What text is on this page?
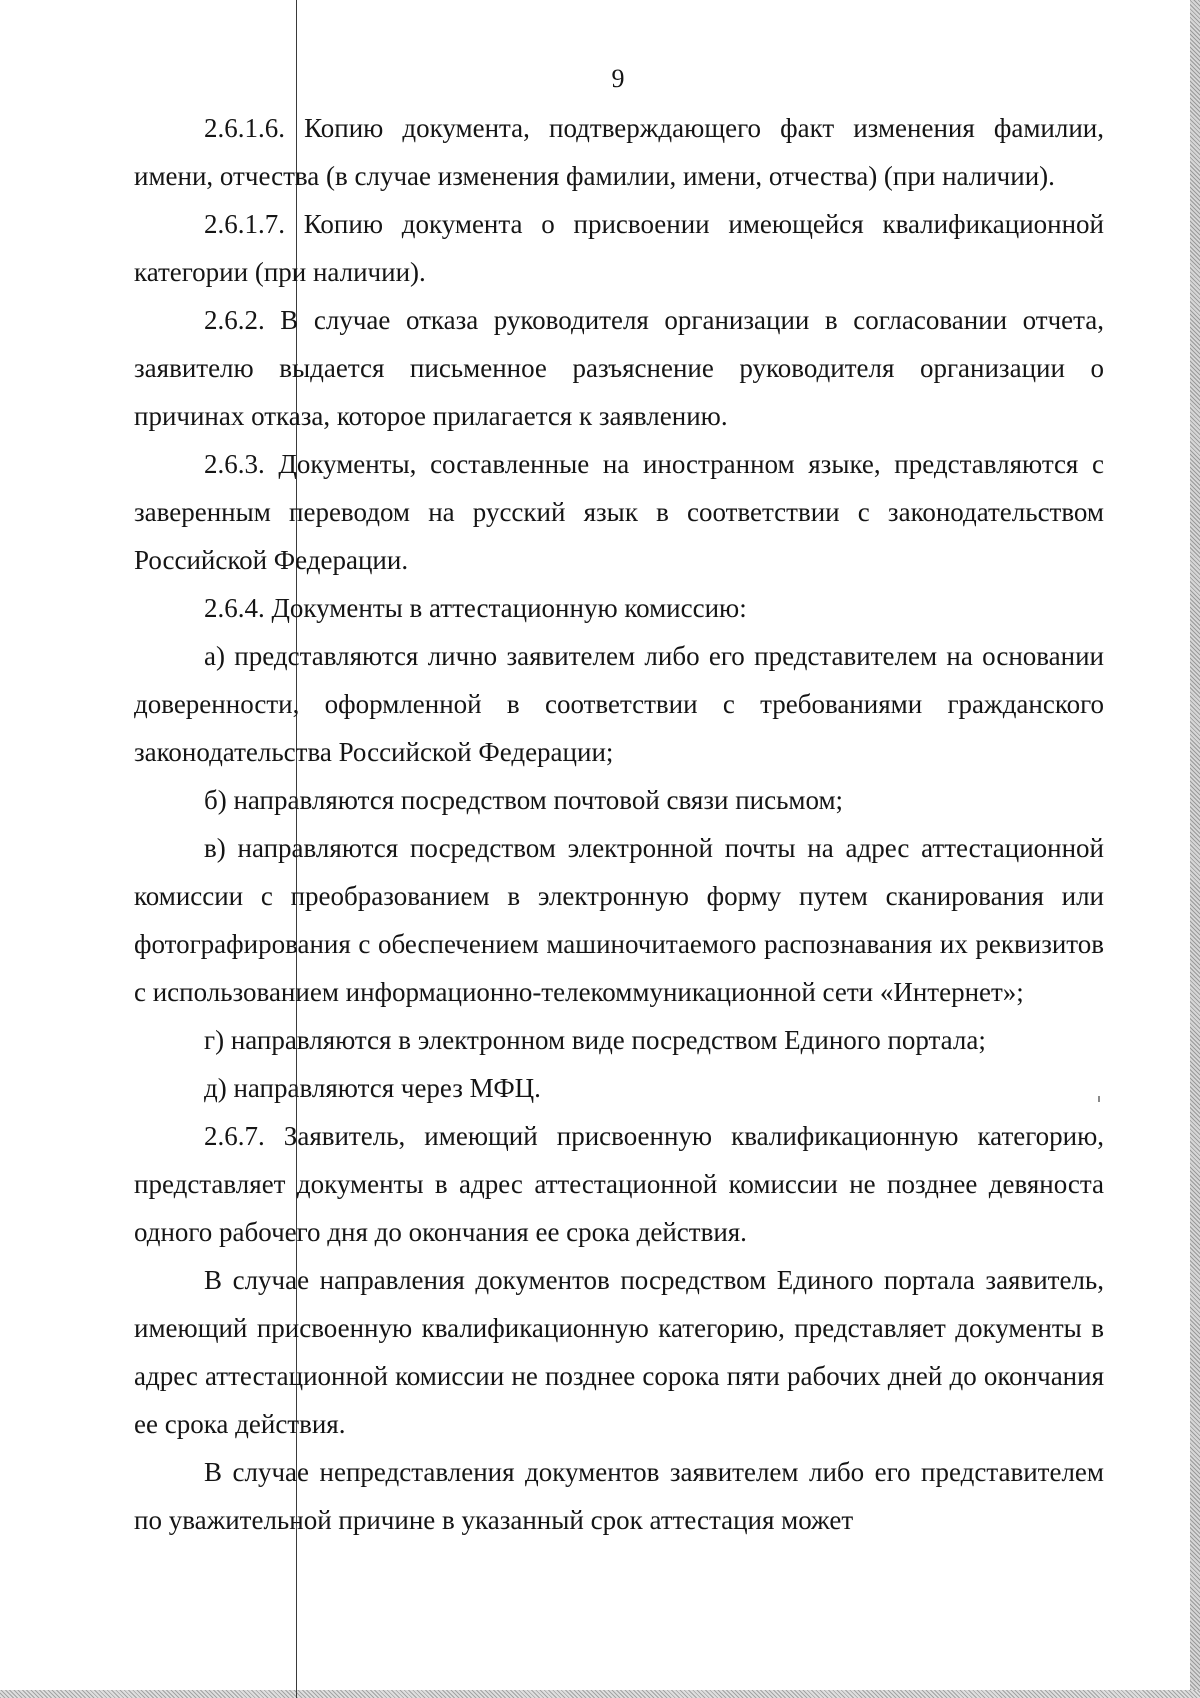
9

2.6.1.6. Копию документа, подтверждающего факт изменения фамилии, имени, отчества (в случае изменения фамилии, имени, отчества) (при наличии).

2.6.1.7. Копию документа о присвоении имеющейся квалификационной категории (при наличии).

2.6.2. В случае отказа руководителя организации в согласовании отчета, заявителю выдается письменное разъяснение руководителя организации о причинах отказа, которое прилагается к заявлению.

2.6.3. Документы, составленные на иностранном языке, представляются с заверенным переводом на русский язык в соответствии с законодательством Российской Федерации.

2.6.4. Документы в аттестационную комиссию:

а) представляются лично заявителем либо его представителем на основании доверенности, оформленной в соответствии с требованиями гражданского законодательства Российской Федерации;

б) направляются посредством почтовой связи письмом;

в) направляются посредством электронной почты на адрес аттестационной комиссии с преобразованием в электронную форму путем сканирования или фотографирования с обеспечением машиночитаемого распознавания их реквизитов с использованием информационно-телекоммуникационной сети «Интернет»;

г) направляются в электронном виде посредством Единого портала;

д) направляются через МФЦ.

2.6.7. Заявитель, имеющий присвоенную квалификационную категорию, представляет документы в адрес аттестационной комиссии не позднее девяноста одного рабочего дня до окончания ее срока действия.

В случае направления документов посредством Единого портала заявитель, имеющий присвоенную квалификационную категорию, представляет документы в адрес аттестационной комиссии не позднее сорока пяти рабочих дней до окончания ее срока действия.

В случае непредставления документов заявителем либо его представителем по уважительной причине в указанный срок аттестация может
